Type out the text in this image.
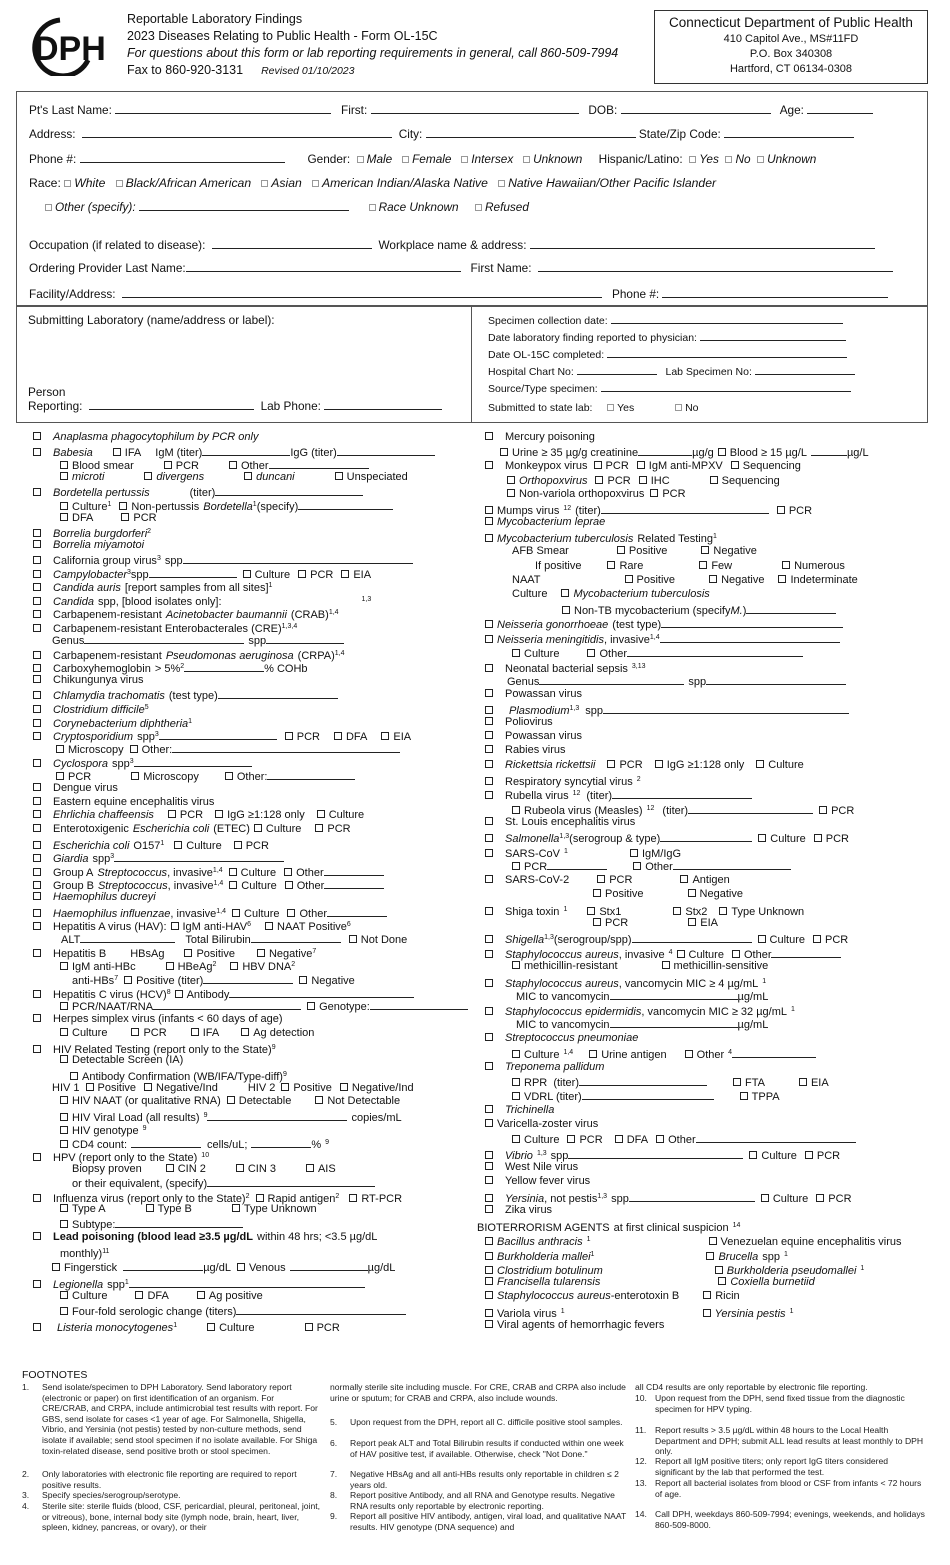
DPH
Reportable Laboratory Findings
2023 Diseases Relating to Public Health - Form OL-15C
For questions about this form or lab reporting requirements in general, call 860-509-7994
Fax to 860-920-3131 Revised 01/10/2023
Connecticut Department of Public Health
410 Capitol Ave., MS#11FD
P.O. Box 340308
Hartford, CT 06134-0308
Pt's Last Name:	First:	DOB:	Age:
Address:	City:	State/Zip Code:
Phone #:	Gender: Male Female Intersex Unknown Hispanic/Latino: Yes No Unknown
Race: White Black/African American Asian American Indian/Alaska Native Native Hawaiian/Other Pacific Islander
Other (specify):	Race Unknown Refused
Occupation (if related to disease):	Workplace name & address:
Ordering Provider Last Name:	First Name:
Facility/Address:	Phone #:
Submitting Laboratory (name/address or label):
Person
Reporting:	Lab Phone:
Specimen collection date:
Date laboratory finding reported to physician:
Date OL-15C completed:
Hospital Chart No:	Lab Specimen No:
Source/Type specimen:
Submitted to state lab: Yes	No
Anaplasma phagocytophilum by PCR only
Babesia	IFA IgM (titer)	IgG (titer)
Blood smear	PCR	Other
microti	divergens	duncani	Unspeciated
Bordetella pertussis	(titer)
Culture$^1$ Non-pertussis Bordetella$^1$(specify)
DFA	PCR
Borrelia burgdorferi$^2$
Borrelia miyamotoi
California group virus$^3$ spp
Campylobacter$^3$spp	Culture PCR EIA
Candida auris [report samples from all sites]$^1$
Candida spp, [blood isolates only]:	$^{1,3}$
Carbapenem-resistant Acinetobacter baumannii (CRAB)$^{1,4}$
Carbapenem-resistant Enterobacterales (CRE)$^{1,3,4}$
Genus	spp
Carbapenem-resistant Pseudomonas aeruginosa (CRPA)$^{1,4}$
Carboxyhemoglobin > 5%$^2$	% COHb
Chikungunya virus
Chlamydia trachomatis (test type)
Clostridium difficile$^5$
Corynebacterium diphtheria$^1$
Cryptosporidium spp$^3$	PCR DFA EIA
Microscopy Other:
Cyclospora spp$^3$
PCR	Microscopy	Other:
Dengue virus
Eastern equine encephalitis virus
Ehrlichia chaffeensis PCR IgG ≥1:128 only Culture
Enterotoxigenic Escherichia coli (ETEC) Culture PCR
Escherichia coli $O157^1$ Culture PCR
Giardia spp$^3$
Group A Streptococcus, invasive$^{1,4}$ Culture Other
Group B Streptococcus, invasive$^{1,4}$ Culture Other
Haemophilus ducreyi
Haemophilus influenzae, invasive$^{1,4}$ Culture Other
Hepatitis A virus (HAV): IgM anti-HAV$^6$ NAAT Positive$^6$
ALT	Total Bilirubin	Not Done
Hepatitis B HBsAg	Positive	Negative$^7$
IgM anti-HBc	HBeAg$^2$ HBV DNA$^2$
anti-HBs$^7$ Positive (titer)	Negative
Hepatitis C virus (HCV)$^8$ Antibody
PCR/NAAT/RNA	Genotype:
Herpes simplex virus (infants < 60 days of age)
Culture	PCR	IFA	Ag detection
HIV Related Testing (report only to the State)$^9$
Detectable Screen (IA)
Antibody Confirmation (WB/IFA/Type-diff)$^9$
HIV 1 Positive Negative/Ind	HIV 2 Positive Negative/Ind
HIV NAAT (or qualitative RNA) Detectable	Not Detectable
HIV Viral Load (all results) $^9$	copies/mL
HIV genotype $^9$
CD4 count:	cells/uL;	% $^9$
HPV (report only to the State) $^{10}$
Biopsy proven	CIN 2	CIN 3	AIS
or their equivalent, (specify)
Influenza virus (report only to the State)$^2$ Rapid antigen$^2$ RT-PCR
Type A	Type B	Type Unknown
Subtype:
Lead poisoning (blood lead ≥3.5 µg/dL within 48 hrs; <3.5 µg/dL
monthly)$^{11}$
Fingerstick	µg/dL Venous	µg/dL
Legionella spp$^1$
Culture	DFA	Ag positive
Four-fold serologic change (titers)
Listeria monocytogenes$^1$	Culture	PCR
Mercury poisoning
Urine ≥ 35 µg/g creatinine	µg/g Blood ≥ 15 µg/L	µg/L
Monkeypox virus PCR IgM anti-MPXV Sequencing
Orthopoxvirus PCR IHC	Sequencing
Non-variola orthopoxvirus PCR
Mumps virus $^{12}$ (titer)	PCR
Mycobacterium leprae
Mycobacterium tuberculosis Related Testing$^1$
AFB Smear	Positive	Negative
If positive	Rare	Few	Numerous
NAAT	Positive	Negative Indeterminate
Culture Mycobacterium tuberculosis
Non-TB mycobacterium (specifyM.)
Neisseria gonorrhoeae (test type)
Neisseria meningitidis, invasive$^{1,4}$
Culture	Other
Neonatal bacterial sepsis $^{3,13}$
Genus	spp
Powassan virus
Plasmodium$^{1,3}$ spp
Poliovirus
Powassan virus
Rabies virus
Rickettsia rickettsii PCR IgG ≥1:128 only Culture
Respiratory syncytial virus $^2$
Rubella virus $^{12}$ (titer)
Rubeola virus (Measles) $^{12}$ (titer)	PCR
St. Louis encephalitis virus
Salmonella$^{1,3}$(serogroup & type)	Culture PCR
SARS-CoV $^1$	IgM/IgG
PCR	Other
SARS-CoV-2	PCR	Antigen
Positive	Negative
Shiga toxin $^1$	Stx1	Stx2 Type Unknown
PCR	EIA
Shigella$^{1,3}$(serogroup/spp)	Culture PCR
Staphylococcus aureus, invasive $^4$ Culture Other
methicillin-resistant	methicillin-sensitive
Staphylococcus aureus, vancomycin MIC ≥ 4 µg/mL $^1$
MIC to vancomycin	µg/mL
Staphylococcus epidermidis, vancomycin MIC ≥ 32 µg/mL $^1$
MIC to vancomycin	µg/mL
Streptococcus pneumoniae
Culture $^{1,4}$	Urine antigen	Other $^4$
Treponema pallidum
RPR  (titer)	FTA	EIA
VDRL (titer)	TPPA
Trichinella
Varicella-zoster virus
Culture PCR DFA Other
Vibrio $^{1,3}$ spp	Culture PCR
West Nile virus
Yellow fever virus
Yersinia, not pestis$^{1,3}$ spp	Culture PCR
Zika virus
BIOTERRORISM AGENTS at first clinical suspicion $^{14}$
Bacillus anthracis $^1$	Venezuelan equine encephalitis virus
Burkholderia mallei$^1$	Brucella spp $^1$
Clostridium botulinum	Burkholderia pseudomallei $^1$
Francisella tularensis	Coxiella burnetiid
Staphylococcus aureus-enterotoxin B	Ricin
Variola virus $^1$	Yersinia pestis $^1$
Viral agents of hemorrhagic fevers
FOOTNOTES
1. Send isolate/specimen to DPH Laboratory. Send laboratory report (electronic or paper) on first identification of an organism. For CRE/CRAB, and CRPA, include antimicrobial test results with report. For GBS, send isolate for cases <1 year of age. For Salmonella, Shigella, Vibrio, and Yersinia (not pestis) tested by non-culture methods, send isolate if available; send stool specimen if no isolate available. For Shiga toxin-related disease, send positive broth or stool specimen.
2. Only laboratories with electronic file reporting are required to report positive results.
3. Specify species/serogroup/serotype.
4. Sterile site: sterile fluids (blood, CSF, pericardial, pleural, peritoneal, joint, or vitreous), bone, internal body site (lymph node, brain, heart, liver, spleen, kidney, pancreas, or ovary), or their
normally sterile site including muscle. For CRE, CRAB and CRPA also include urine or sputum; for CRAB and CRPA, also include wounds.
5. Upon request from the DPH, report all C. difficile positive stool samples.
6. Report peak ALT and Total Bilirubin results if conducted within one week of HAV positive test, if available. Otherwise, check "Not Done."
7. Negative HBsAg and all anti-HBs results only reportable in children ≤ 2 years old.
8. Report positive Antibody, and all RNA and Genotype results. Negative RNA results only reportable by electronic reporting.
9. Report all positive HIV antibody, antigen, viral load, and qualitative NAAT results. HIV genotype (DNA sequence) and
all CD4 results are only reportable by electronic file reporting.
10. Upon request from the DPH, send fixed tissue from the diagnostic specimen for HPV typing.
11. Report results > 3.5 µg/dL within 48 hours to the Local Health Department and DPH; submit ALL lead results at least monthly to DPH only.
12. Report all IgM positive titers; only report IgG titers considered significant by the lab that performed the test.
13. Report all bacterial isolates from blood or CSF from infants < 72 hours of age.
14. Call DPH, weekdays 860-509-7994; evenings, weekends, and holidays 860-509-8000.
